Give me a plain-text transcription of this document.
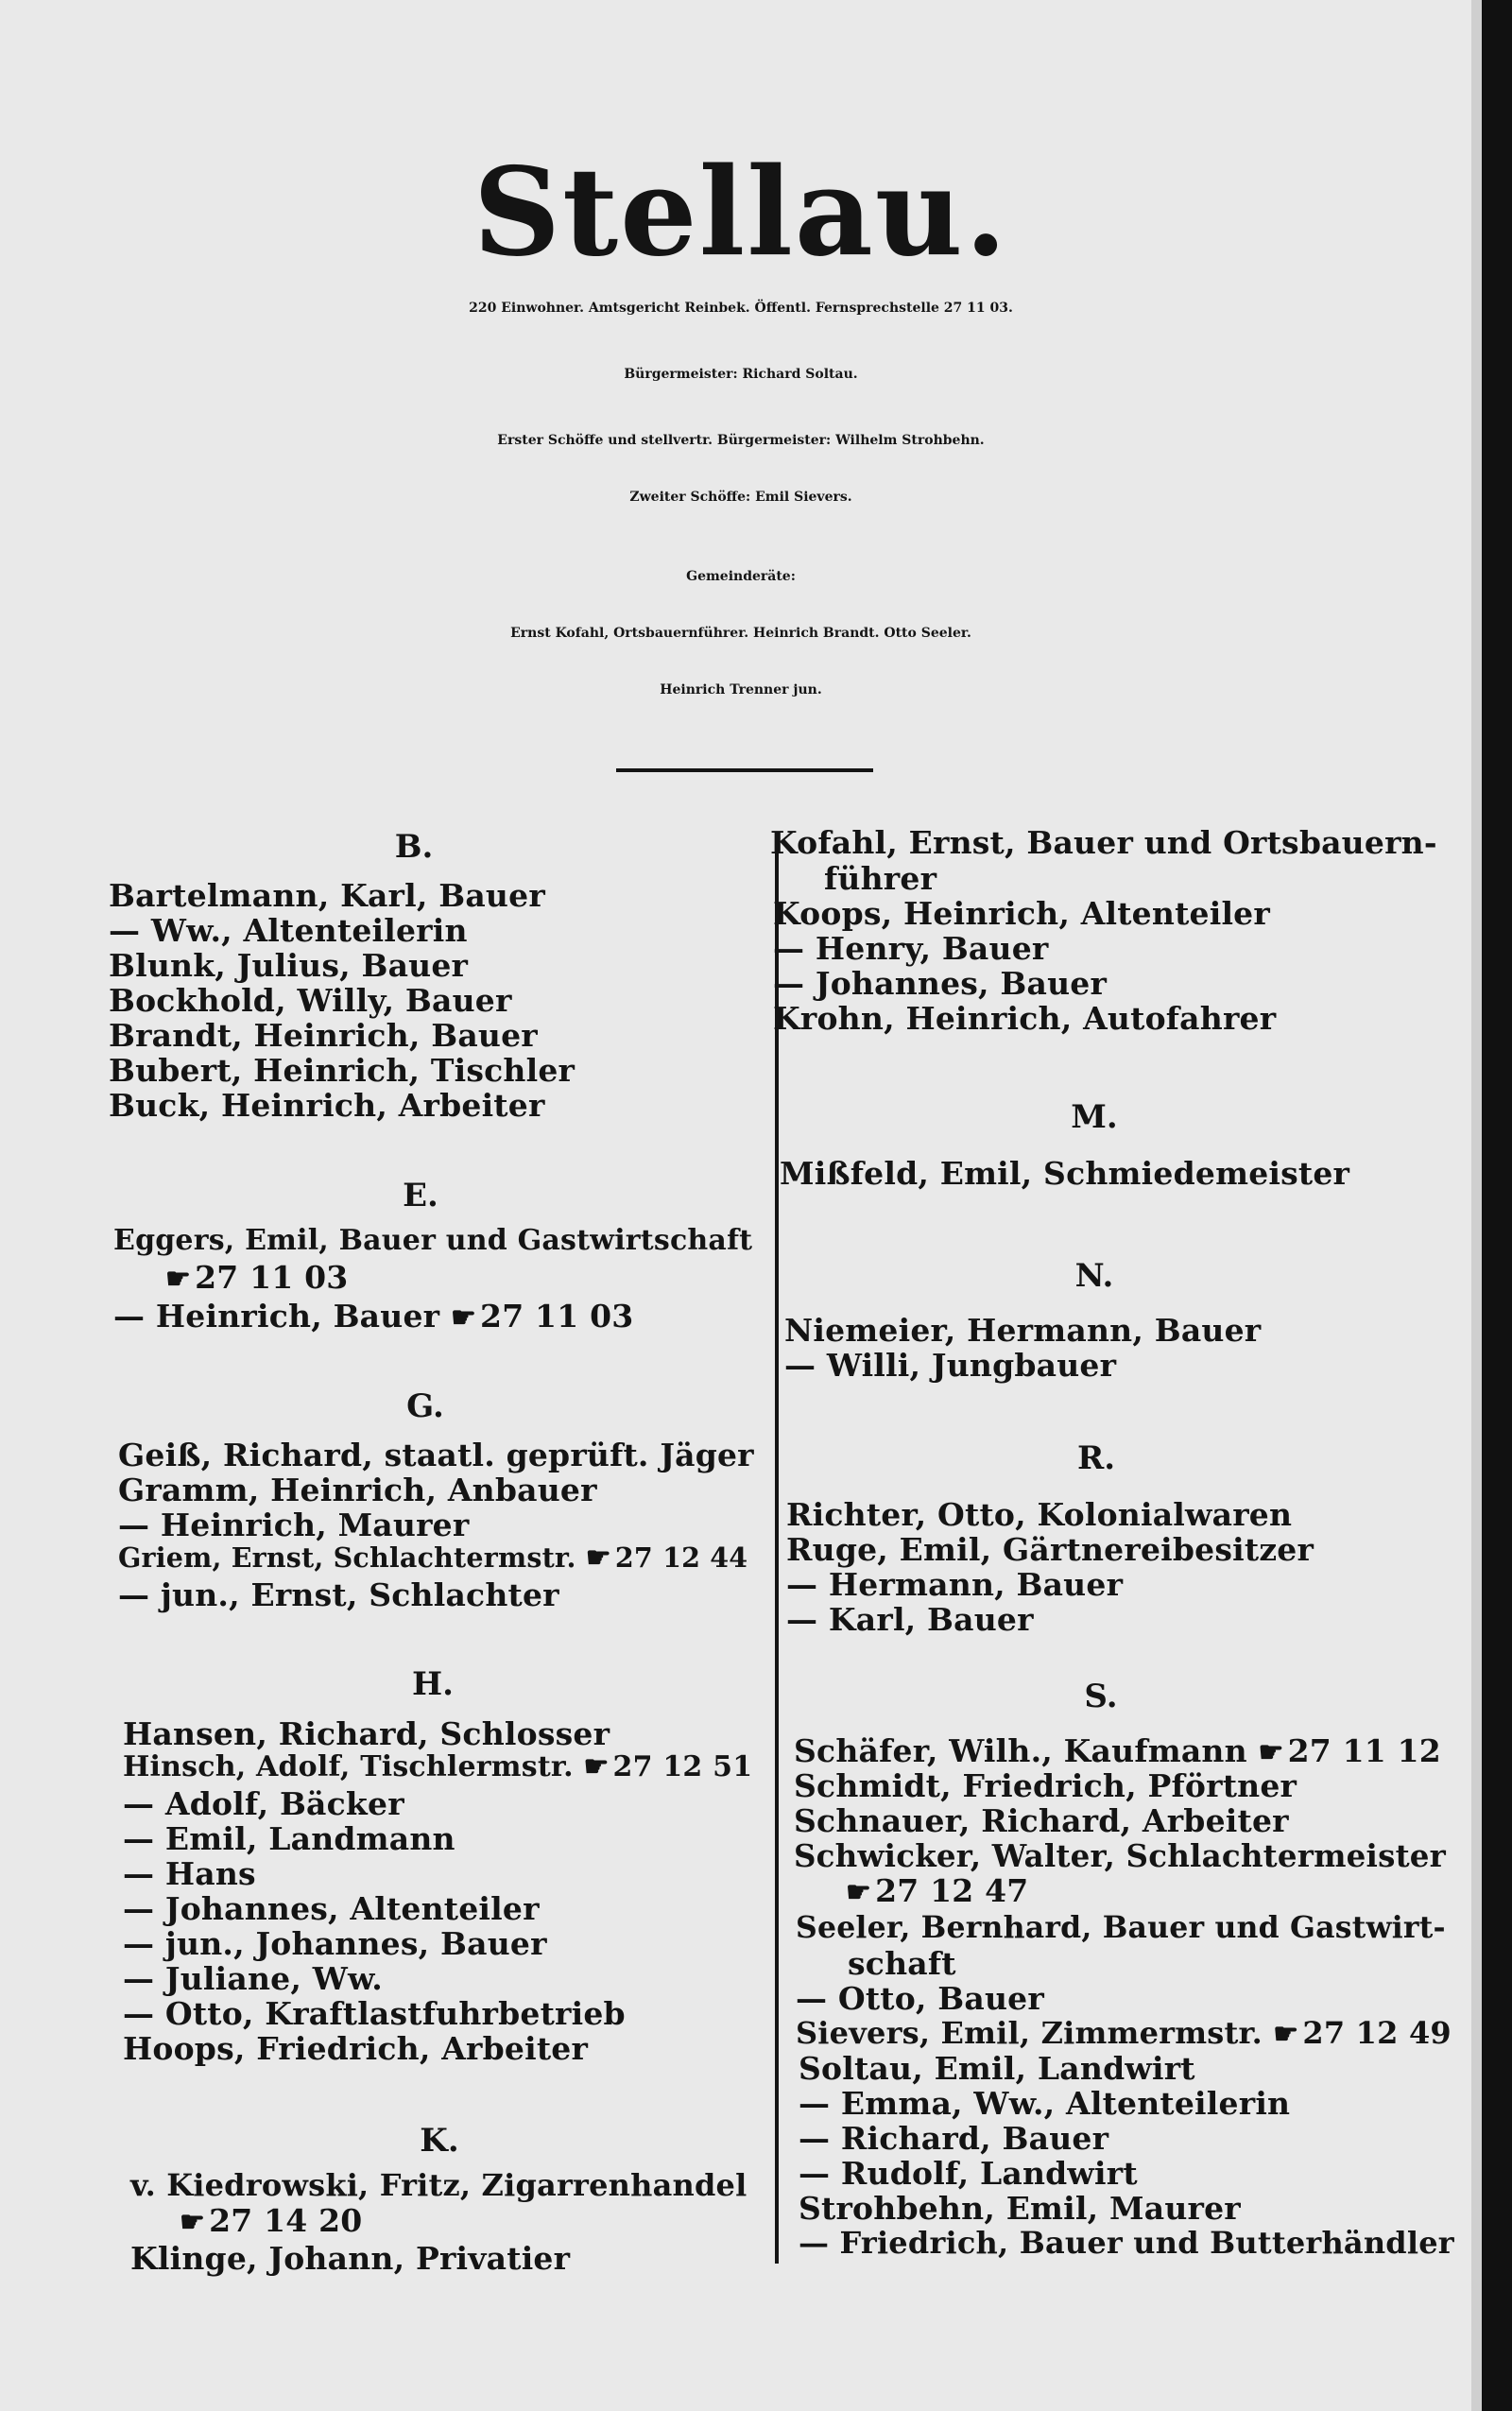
Stellau.
220 Einwohner. Amtsgericht Reinbek. Öffentl. Fernsprechstelle 27 11 03.
Bürgermeister: Richard Soltau.
Erster Schöffe und stellvertr. Bürgermeister: Wilhelm Strohbehn.
Zweiter Schöffe: Emil Sievers.
Gemeinderäte:
Ernst Kofahl, Ortsbauernführer. Heinrich Brandt. Otto Seeler.
Heinrich Trenner jun.
B.
Bartelmann, Karl, Bauer
— Ww., Altenteilerin
Blunk, Julius, Bauer
Bockhold, Willy, Bauer
Brandt, Heinrich, Bauer
Bubert, Heinrich, Tischler
Buck, Heinrich, Arbeiter
E.
Eggers, Emil, Bauer und Gastwirtschaft
☛ 27 11 03
— Heinrich, Bauer ☛ 27 11 03
G.
Geiß, Richard, staatl. geprüft. Jäger
Gramm, Heinrich, Anbauer
— Heinrich, Maurer
Griem, Ernst, Schlachtermstr. ☛ 27 12 44
— jun., Ernst, Schlachter
H.
Hansen, Richard, Schlosser
Hinsch, Adolf, Tischlermstr. ☛ 27 12 51
— Adolf, Bäcker
— Emil, Landmann
— Hans
— Johannes, Altenteiler
— jun., Johannes, Bauer
— Juliane, Ww.
— Otto, Kraftlastfuhrbetrieb
Hoops, Friedrich, Arbeiter
K.
v. Kiedrowski, Fritz, Zigarrenhandel
☛ 27 14 20
Klinge, Johann, Privatier
Kofahl, Ernst, Bauer und Ortsbauern-
führer
Koops, Heinrich, Altenteiler
— Henry, Bauer
— Johannes, Bauer
Krohn, Heinrich, Autofahrer
M.
Mißfeld, Emil, Schmiedemeister
N.
Niemeier, Hermann, Bauer
— Willi, Jungbauer
R.
Richter, Otto, Kolonialwaren
Ruge, Emil, Gärtnereibesitzer
— Hermann, Bauer
— Karl, Bauer
S.
Schäfer, Wilh., Kaufmann ☛ 27 11 12
Schmidt, Friedrich, Pförtner
Schnauer, Richard, Arbeiter
Schwicker, Walter, Schlachtermeister
☛ 27 12 47
Seeler, Bernhard, Bauer und Gastwirt-
schaft
— Otto, Bauer
Sievers, Emil, Zimmermstr. ☛ 27 12 49
Soltau, Emil, Landwirt
— Emma, Ww., Altenteilerin
— Richard, Bauer
— Rudolf, Landwirt
Strohbehn, Emil, Maurer
— Friedrich, Bauer und Butterhändler
